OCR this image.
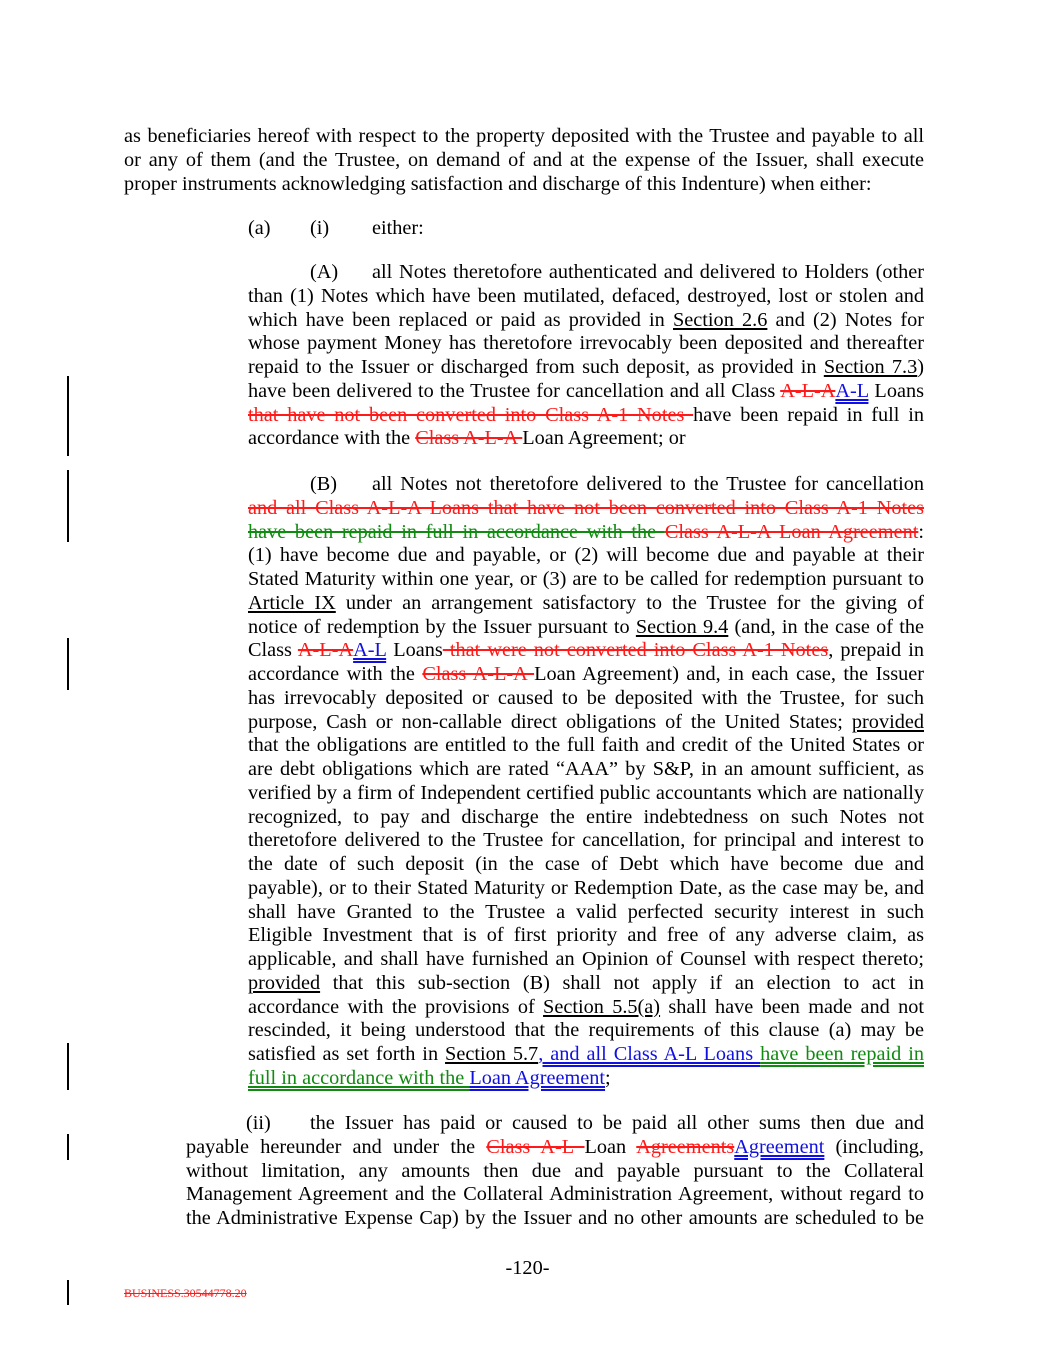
as beneficiaries hereof with respect to the property deposited with the Trustee and payable to all
or any of them (and the Trustee, on demand of and at the expense of the Issuer, shall execute
proper instruments acknowledging satisfaction and discharge of this Indenture) when either:
(a) (i) either:
(A) all Notes theretofore authenticated and delivered to Holders (other
than (1) Notes which have been mutilated, defaced, destroyed, lost or stolen and
which have been replaced or paid as provided in Section 2.6 and (2) Notes for
whose payment Money has theretofore irrevocably been deposited and thereafter
repaid to the Issuer or discharged from such deposit, as provided in Section 7.3)
have been delivered to the Trustee for cancellation and all Class A-L-AA-L Loans
that have not been converted into Class A-1 Notes have been repaid in full in
accordance with the Class A-L-A Loan Agreement; or
(B) all Notes not theretofore delivered to the Trustee for cancellation
and all Class A-L-A Loans that have not been converted into Class A-1 Notes
have been repaid in full in accordance with the Class A-L-A Loan Agreement:
(1) have become due and payable, or (2) will become due and payable at their
Stated Maturity within one year, or (3) are to be called for redemption pursuant to
Article IX under an arrangement satisfactory to the Trustee for the giving of
notice of redemption by the Issuer pursuant to Section 9.4 (and, in the case of the
Class A-L-AA-L Loans that were not converted into Class A-1 Notes, prepaid in
accordance with the Class A-L-A Loan Agreement) and, in each case, the Issuer
has irrevocably deposited or caused to be deposited with the Trustee, for such
purpose, Cash or non-callable direct obligations of the United States; provided
that the obligations are entitled to the full faith and credit of the United States or
are debt obligations which are rated “AAA” by S&P, in an amount sufficient, as
verified by a firm of Independent certified public accountants which are nationally
recognized, to pay and discharge the entire indebtedness on such Notes not
theretofore delivered to the Trustee for cancellation, for principal and interest to
the date of such deposit (in the case of Debt which have become due and
payable), or to their Stated Maturity or Redemption Date, as the case may be, and
shall have Granted to the Trustee a valid perfected security interest in such
Eligible Investment that is of first priority and free of any adverse claim, as
applicable, and shall have furnished an Opinion of Counsel with respect thereto;
provided that this sub-section (B) shall not apply if an election to act in
accordance with the provisions of Section 5.5(a) shall have been made and not
rescinded, it being understood that the requirements of this clause (a) may be
satisfied as set forth in Section 5.7, and all Class A-L Loans have been repaid in
full in accordance with the Loan Agreement;
(ii) the Issuer has paid or caused to be paid all other sums then due and
payable hereunder and under the Class A-L Loan AgreementsAgreement (including,
without limitation, any amounts then due and payable pursuant to the Collateral
Management Agreement and the Collateral Administration Agreement, without regard to
the Administrative Expense Cap) by the Issuer and no other amounts are scheduled to be
-120-
BUSINESS.30544778.20
